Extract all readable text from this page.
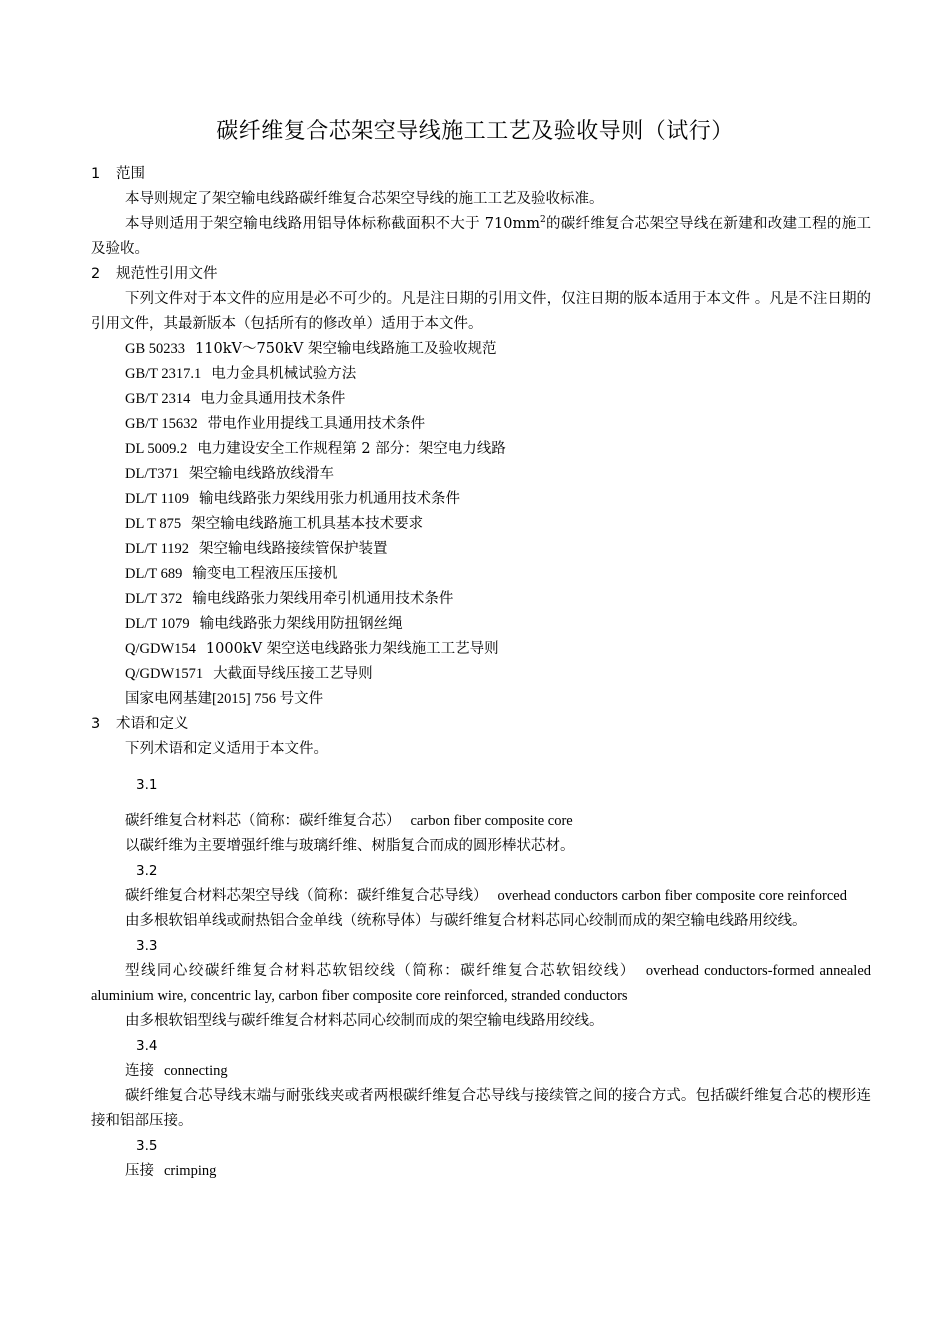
碳纤维复合芯架空导线施工工艺及验收导则（试行）
1 范围
本导则规定了架空输电线路碳纤维复合芯架空导线的施工工艺及验收标准。
本导则适用于架空输电线路用铝导体标称截面积不大于 $710mm^2$的碳纤维复合芯架空导线在新建和改建工程的施工及验收。
2 规范性引用文件
下列文件对于本文件的应用是必不可少的。凡是注日期的引用文件，仅注日期的版本适用于本文件 。凡是不注日期的引用文件，其最新版本（包括所有的修改单）适用于本文件。
GB 50233 110kV～750kV 架空输电线路施工及验收规范
GB/T 2317.1 电力金具机械试验方法
GB/T 2314 电力金具通用技术条件
GB/T 15632 带电作业用提线工具通用技术条件
DL 5009.2 电力建设安全工作规程第 2 部分：架空电力线路
DL/T371 架空输电线路放线滑车
DL/T 1109 输电线路张力架线用张力机通用技术条件
DL T 875 架空输电线路施工机具基本技术要求
DL/T 1192 架空输电线路接续管保护装置
DL/T 689 输变电工程液压压接机
DL/T 372 输电线路张力架线用牵引机通用技术条件
DL/T 1079 输电线路张力架线用防扭钢丝绳
Q/GDW154 1000kV 架空送电线路张力架线施工工艺导则
Q/GDW1571 大截面导线压接工艺导则
国家电网基建[2015] 756 号文件
3 术语和定义
下列术语和定义适用于本文件。
3.1
碳纤维复合材料芯（简称：碳纤维复合芯） carbon fiber composite core
以碳纤维为主要增强纤维与玻璃纤维、树脂复合而成的圆形棒状芯材。
3.2
碳纤维复合材料芯架空导线（简称：碳纤维复合芯导线） overhead conductors carbon fiber composite core reinforced
由多根软铝单线或耐热铝合金单线（统称导体）与碳纤维复合材料芯同心绞制而成的架空输电线路用绞线。
3.3
型线同心绞碳纤维复合材料芯软铝绞线（简称：碳纤维复合芯软铝绞线） overhead conductors-formed annealed aluminium wire, concentric lay, carbon fiber composite core reinforced, stranded conductors
由多根软铝型线与碳纤维复合材料芯同心绞制而成的架空输电线路用绞线。
3.4
连接 connecting
碳纤维复合芯导线末端与耐张线夹或者两根碳纤维复合芯导线与接续管之间的接合方式。包括碳纤维复合芯的楔形连接和铝部压接。
3.5
压接 crimping
